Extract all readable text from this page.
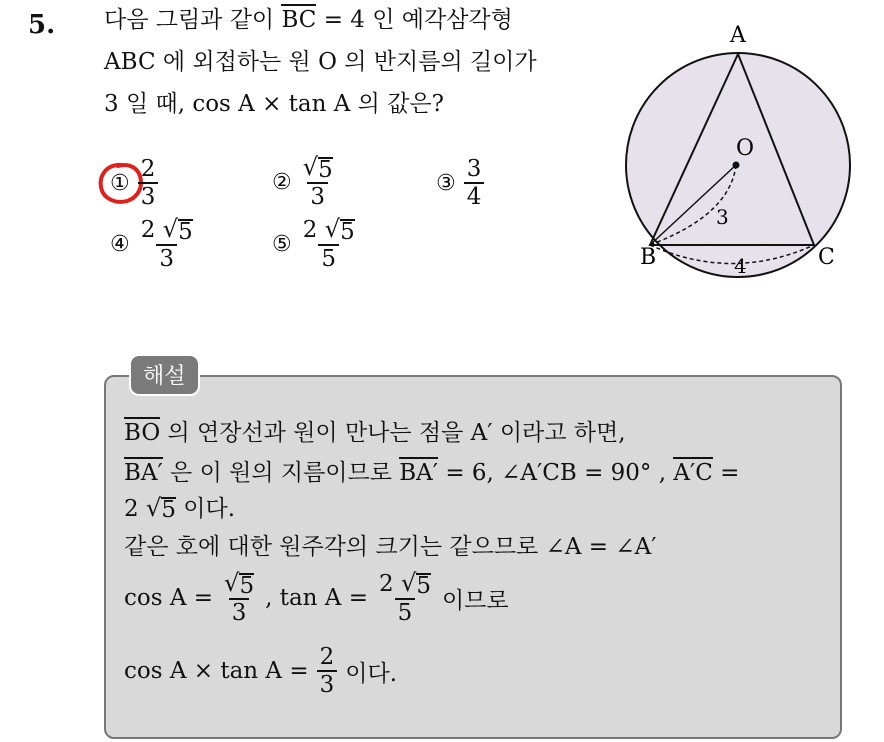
5. 다음 그림과 같이 BC = 4 인 예각삼각형
ABC 에 외접하는 원 O 의 반지름의 길이가
3 일 때, cos A × tan A 의 값은?
① $\frac{2}{3}$	② $\frac{√ 5}{3}$	③ $\frac{3}{4}$
④ $\frac{2 √ 5}{3}$	⑤ $\frac{2 √ 5}{5}$
A
B	C
O
3
4
해설
BO 의 연장선과 원이 만나는 점을 A′ 이라고 하면,
BA′ 은 이 원의 지름이므로 BA′ = 6, ∠A′CB = 90° , A′C =
2 √ 5 이다.
같은 호에 대한 원주각의 크기는 같으므로 ∠A = ∠A′
$\cos A = \frac{√ 5}{3}$ , $\tan A = \frac{2 √ 5}{5}$ 이므로
$\cos A \times \tan A = \frac{2}{3}$ 이다.
